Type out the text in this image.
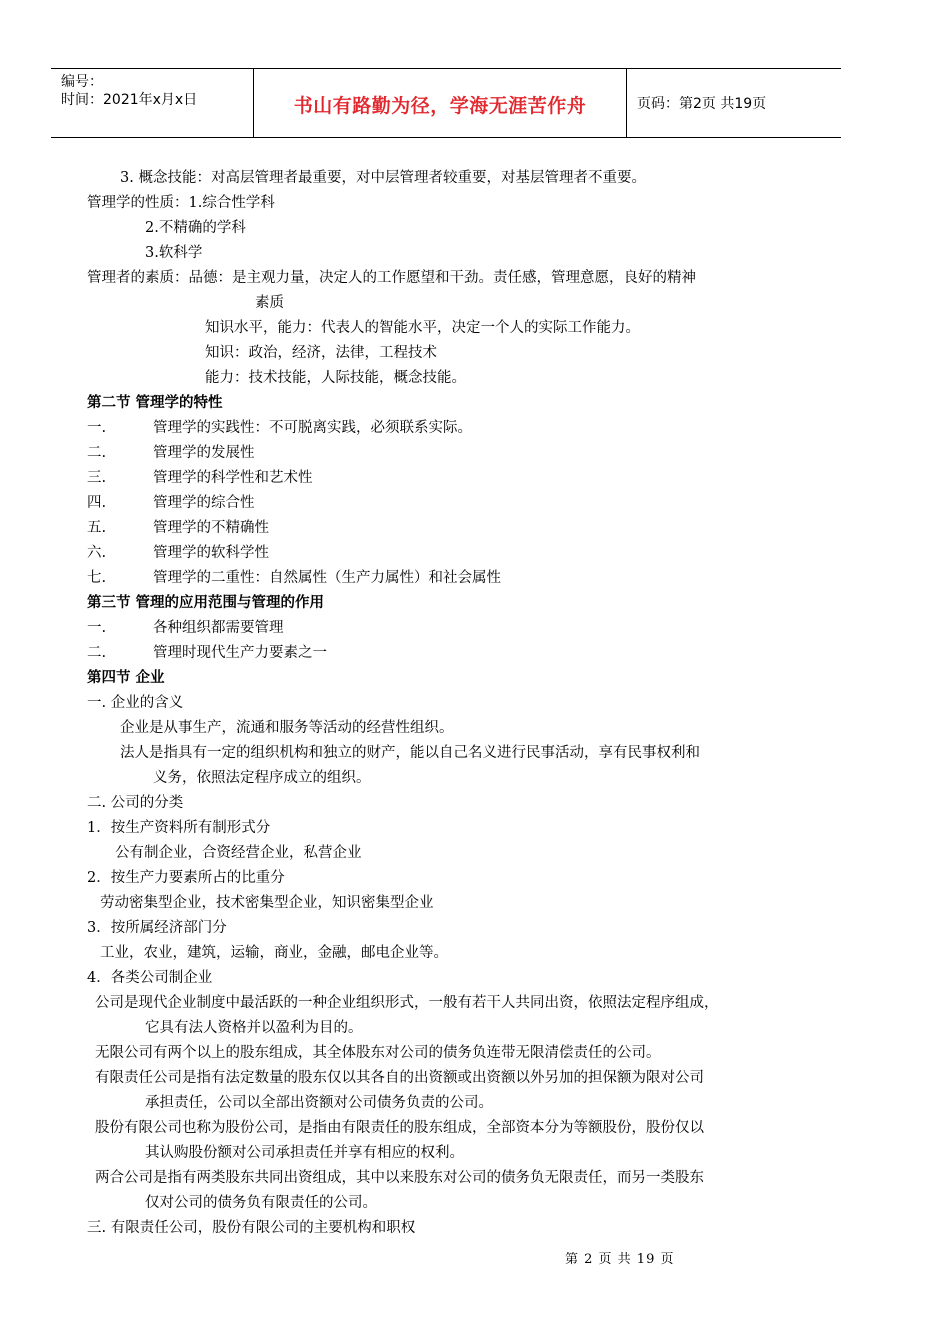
编号：
时间：2021年x月x日	书山有路勤为径，学海无涯苦作舟	页码：第2页 共19页
3. 概念技能：对高层管理者最重要，对中层管理者较重要，对基层管理者不重要。
管理学的性质：1.综合性学科
2.不精确的学科
3.软科学
管理者的素质：品德：是主观力量，决定人的工作愿望和干劲。责任感，管理意愿，良好的精神
素质
知识水平，能力：代表人的智能水平，决定一个人的实际工作能力。
知识：政治，经济，法律，工程技术
能力：技术技能，人际技能，概念技能。
第二节 管理学的特性
一.	管理学的实践性：不可脱离实践，必须联系实际。
二.	管理学的发展性
三.	管理学的科学性和艺术性
四.	管理学的综合性
五.	管理学的不精确性
六.	管理学的软科学性
七.	管理学的二重性：自然属性（生产力属性）和社会属性
第三节 管理的应用范围与管理的作用
一.	各种组织都需要管理
二.	管理时现代生产力要素之一
第四节 企业
一. 企业的含义
企业是从事生产，流通和服务等活动的经营性组织。
法人是指具有一定的组织机构和独立的财产，能以自己名义进行民事活动，享有民事权利和
义务，依照法定程序成立的组织。
二. 公司的分类
1．按生产资料所有制形式分
公有制企业，合资经营企业，私营企业
2．按生产力要素所占的比重分
劳动密集型企业，技术密集型企业，知识密集型企业
3．按所属经济部门分
工业，农业，建筑，运输，商业，金融，邮电企业等。
4．各类公司制企业
公司是现代企业制度中最活跃的一种企业组织形式，一般有若干人共同出资，依照法定程序组成，
它具有法人资格并以盈利为目的。
无限公司有两个以上的股东组成，其全体股东对公司的债务负连带无限清偿责任的公司。
有限责任公司是指有法定数量的股东仅以其各自的出资额或出资额以外另加的担保额为限对公司
承担责任，公司以全部出资额对公司债务负责的公司。
股份有限公司也称为股份公司，是指由有限责任的股东组成，全部资本分为等额股份，股份仅以
其认购股份额对公司承担责任并享有相应的权利。
两合公司是指有两类股东共同出资组成，其中以来股东对公司的债务负无限责任，而另一类股东
仅对公司的债务负有限责任的公司。
三. 有限责任公司，股份有限公司的主要机构和职权
第 2 页 共 19 页
